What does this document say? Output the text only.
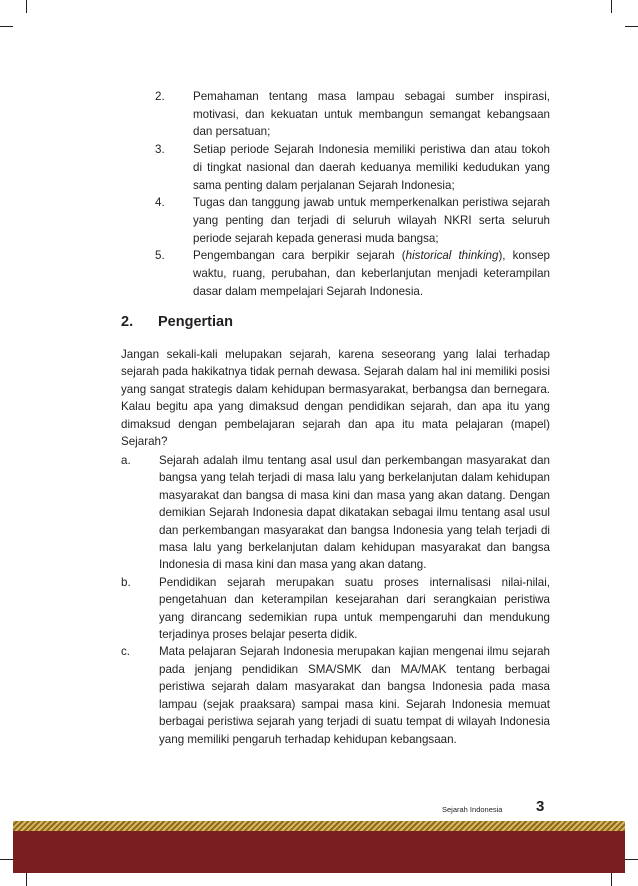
2. Pemahaman tentang masa lampau sebagai sumber inspirasi, motivasi, dan kekuatan untuk membangun semangat kebangsaan dan persatuan;
3. Setiap periode Sejarah Indonesia memiliki peristiwa dan atau tokoh di tingkat nasional dan daerah keduanya memiliki kedudukan yang sama penting dalam perjalanan Sejarah Indonesia;
4. Tugas dan tanggung jawab untuk memperkenalkan peristiwa sejarah yang penting dan terjadi di seluruh wilayah NKRI serta seluruh periode sejarah kepada generasi muda bangsa;
5. Pengembangan cara berpikir sejarah (historical thinking), konsep waktu, ruang, perubahan, dan keberlanjutan menjadi keterampilan dasar dalam mempelajari Sejarah Indonesia.
2. Pengertian
Jangan sekali-kali melupakan sejarah, karena seseorang yang lalai terhadap sejarah pada hakikatnya tidak pernah dewasa. Sejarah dalam hal ini memiliki posisi yang sangat strategis dalam kehidupan bermasyarakat, berbangsa dan bernegara. Kalau begitu apa yang dimaksud dengan pendidikan sejarah, dan apa itu yang dimaksud dengan pembelajaran sejarah dan apa itu mata pelajaran (mapel) Sejarah?
a. Sejarah adalah ilmu tentang asal usul dan perkembangan masyarakat dan bangsa yang telah terjadi di masa lalu yang berkelanjutan dalam kehidupan masyarakat dan bangsa di masa kini dan masa yang akan datang. Dengan demikian Sejarah Indonesia dapat dikatakan sebagai ilmu tentang asal usul dan perkembangan masyarakat dan bangsa Indonesia yang telah terjadi di masa lalu yang berkelanjutan dalam kehidupan masyarakat dan bangsa Indonesia di masa kini dan masa yang akan datang.
b. Pendidikan sejarah merupakan suatu proses internalisasi nilai-nilai, pengetahuan dan keterampilan kesejarahan dari serangkaian peristiwa yang dirancang sedemikian rupa untuk mempengaruhi dan mendukung terjadinya proses belajar peserta didik.
c. Mata pelajaran Sejarah Indonesia merupakan kajian mengenai ilmu sejarah pada jenjang pendidikan SMA/SMK dan MA/MAK tentang berbagai peristiwa sejarah dalam masyarakat dan bangsa Indonesia pada masa lampau (sejak praaksara) sampai masa kini. Sejarah Indonesia memuat berbagai peristiwa sejarah yang terjadi di suatu tempat di wilayah Indonesia yang memiliki pengaruh terhadap kehidupan kebangsaan.
Sejarah Indonesia 3
